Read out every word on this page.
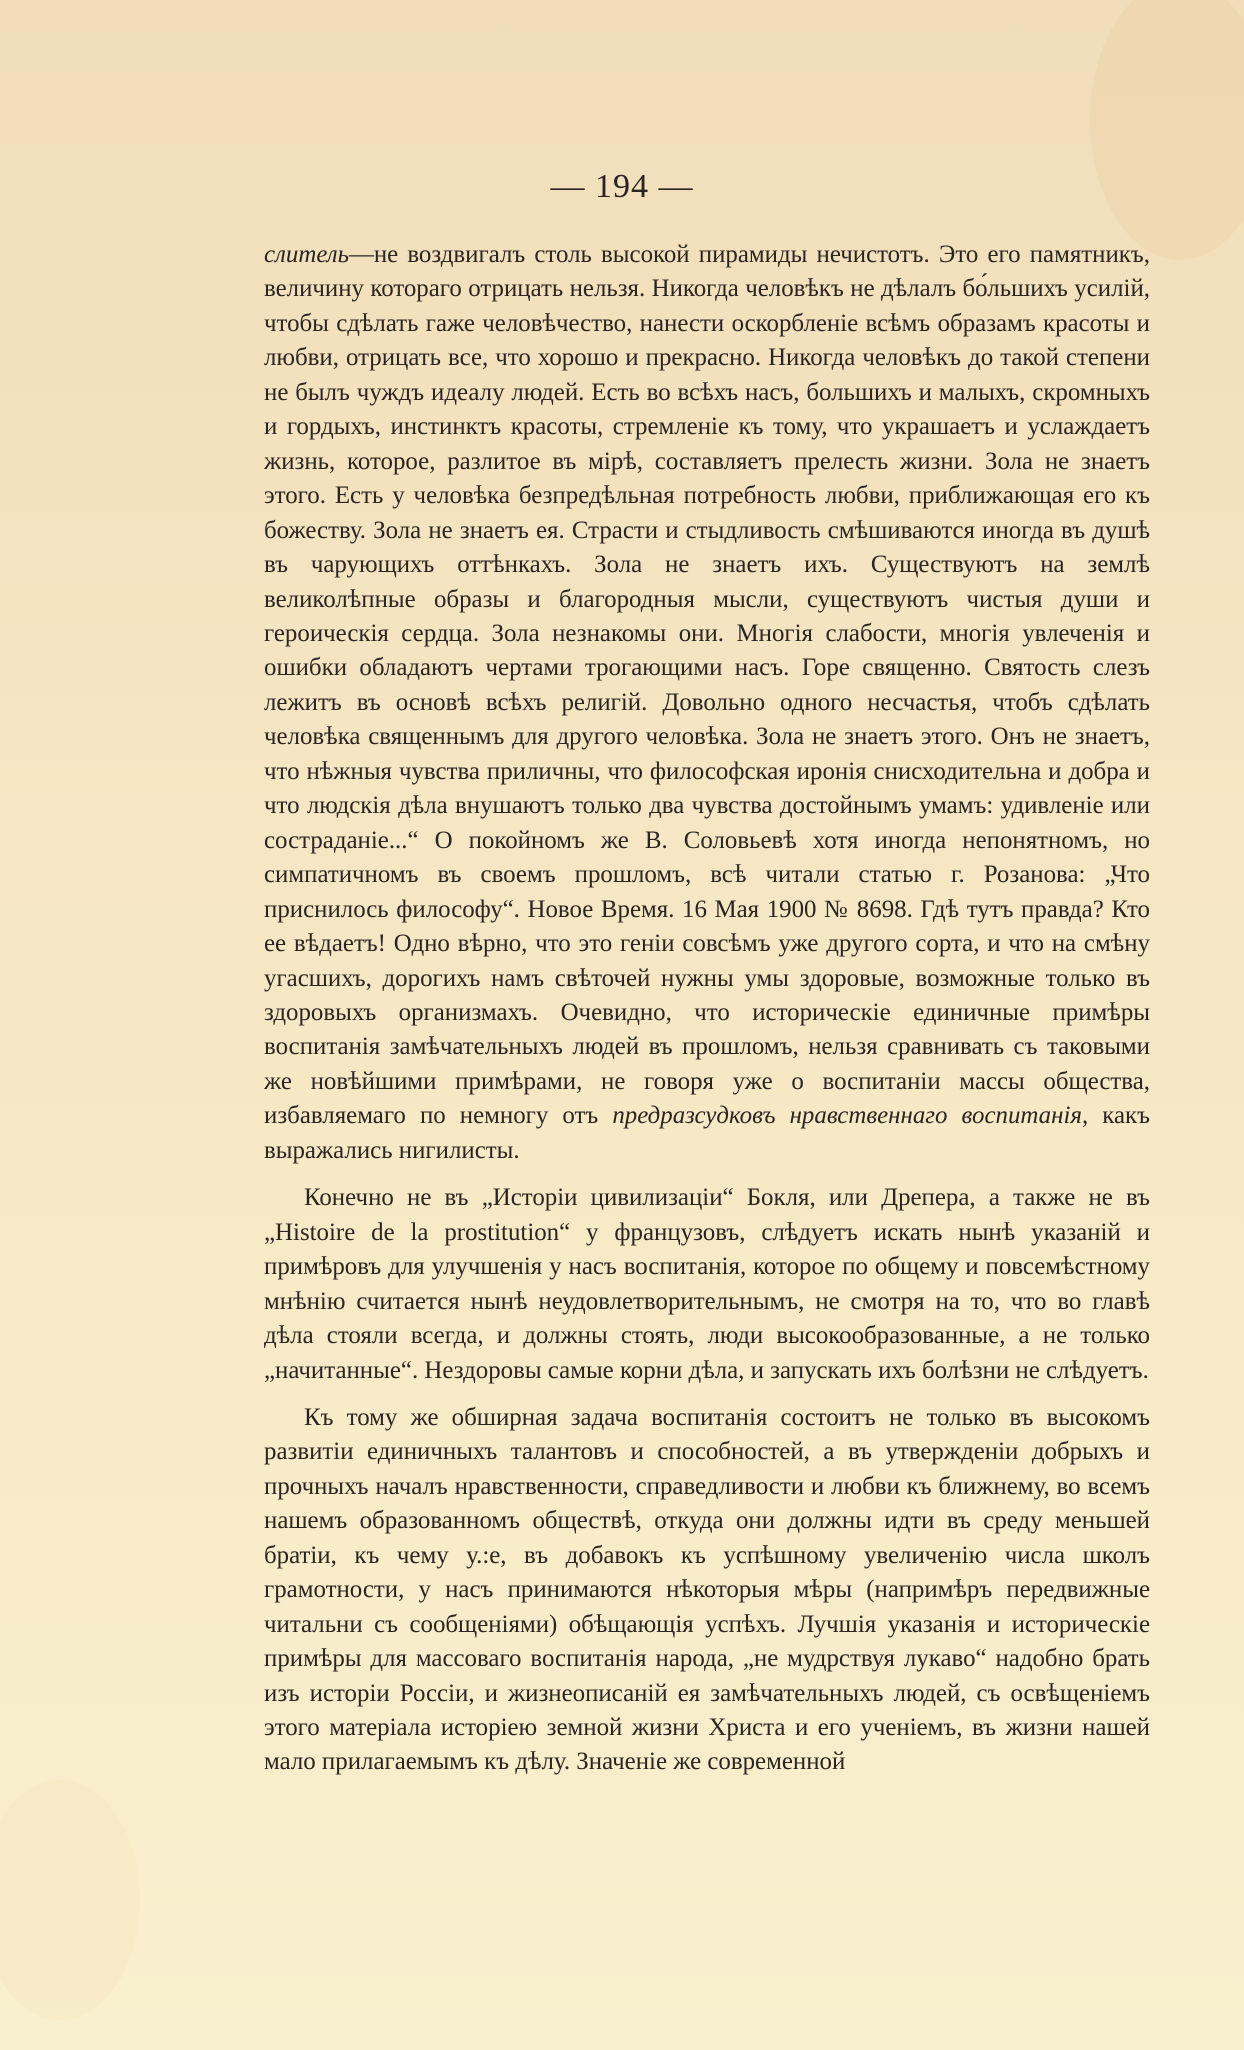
— 194 —

слитель—не воздвигалъ столь высокой пирамиды нечистотъ. Это его памятникъ, величину котораго отрицать нельзя. Никогда человѣкъ не дѣлалъ бо́льшихъ усилій, чтобы сдѣлать гаже человѣчество, нанести оскорбленіе всѣмъ образамъ красоты и любви, отрицать все, что хорошо и прекрасно. Никогда человѣкъ до такой степени не былъ чуждъ идеалу людей. Есть во всѣхъ насъ, большихъ и малыхъ, скромныхъ и гордыхъ, инстинктъ красоты, стремленіе къ тому, что украшаетъ и услаждаетъ жизнь, которое, разлитое въ мірѣ, составляетъ прелесть жизни. Зола не знаетъ этого. Есть у человѣка безпредѣльная потребность любви, приближающая его къ божеству. Зола не знаетъ ея. Страсти и стыдливость смѣшиваются иногда въ душѣ въ чарующихъ оттѣнкахъ. Зола не знаетъ ихъ. Существуютъ на землѣ великолѣпные образы и благородныя мысли, существуютъ чистыя души и героическія сердца. Зола незнакомы они. Многія слабости, многія увлеченія и ошибки обладаютъ чертами трогающими насъ. Горе священно. Святость слезъ лежитъ въ основѣ всѣхъ религій. Довольно одного несчастья, чтобъ сдѣлать человѣка священнымъ для другого человѣка. Зола не знаетъ этого. Онъ не знаетъ, что нѣжныя чувства приличны, что философская иронія снисходительна и добра и что людскія дѣла внушаютъ только два чувства достойнымъ умамъ: удивленіе или состраданіе...“ О покойномъ же В. Соловьевѣ хотя иногда непонятномъ, но симпатичномъ въ своемъ прошломъ, всѣ читали статью г. Розанова: „Что приснилось философу“. Новое Время. 16 Мая 1900 № 8698. Гдѣ тутъ правда? Кто ее вѣдаетъ! Одно вѣрно, что это геніи совсѣмъ уже другого сорта, и что на смѣну угасшихъ, дорогихъ намъ свѣточей нужны умы здоровые, возможные только въ здоровыхъ организмахъ. Очевидно, что историческіе единичные примѣры воспитанія замѣчательныхъ людей въ прошломъ, нельзя сравнивать съ таковыми же новѣйшими примѣрами, не говоря уже о воспитаніи массы общества, избавляемаго по немногу отъ предразсудковъ нравственнаго воспитанія, какъ выражались нигилисты.

Конечно не въ „Исторіи цивилизаціи“ Бокля, или Дрепера, а также не въ „Histoire de la prostitution“ у французовъ, слѣдуетъ искать нынѣ указаній и примѣровъ для улучшенія у насъ воспитанія, которое по общему и повсемѣстному мнѣнію считается нынѣ неудовлетворительнымъ, не смотря на то, что во главѣ дѣла стояли всегда, и должны стоять, люди высокообразованные, а не только „начитанные“. Нездоровы самые корни дѣла, и запускать ихъ болѣзни не слѣдуетъ.

Къ тому же обширная задача воспитанія состоитъ не только въ высокомъ развитіи единичныхъ талантовъ и способностей, а въ утвержденіи добрыхъ и прочныхъ началъ нравственности, справедливости и любви къ ближнему, во всемъ нашемъ образованномъ обществѣ, откуда они должны идти въ среду меньшей братіи, къ чему у.:е, въ добавокъ къ успѣшному увеличенію числа школъ грамотности, у насъ принимаются нѣкоторыя мѣры (напримѣръ передвижные читальни съ сообщеніями) обѣщающія успѣхъ. Лучшія указанія и историческіе примѣры для массоваго воспитанія народа, „не мудрствуя лукаво“ надобно брать изъ исторіи Россіи, и жизнеописаній ея замѣчательныхъ людей, съ освѣщеніемъ этого матеріала исторіею земной жизни Христа и его ученіемъ, въ жизни нашей мало прилагаемымъ къ дѣлу. Значеніе же современной
